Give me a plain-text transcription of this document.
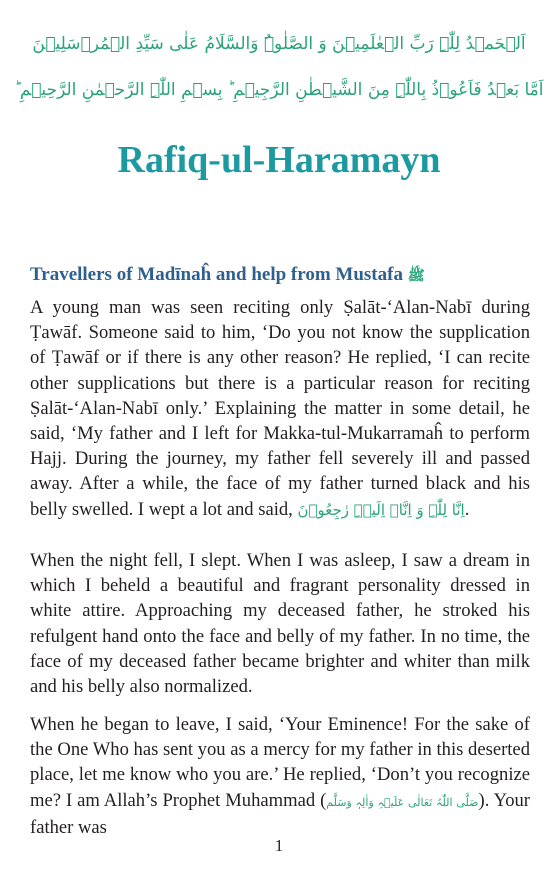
اَلۡحَمۡدُ لِلّٰہِ رَبِّ الۡعٰلَمِیۡنَ وَ الصَّلٰوۃُ وَالسَّلَامُ عَلٰی سَیِّدِ الۡمُرۡسَلِیۡنَ
اَمَّا بَعۡدُ فَاَعُوۡذُ بِاللّٰہِ مِنَ الشَّیۡطٰنِ الرَّجِیۡمِ ؕ بِسۡمِ اللّٰہِ الرَّحۡمٰنِ الرَّحِیۡمِ ؕ
Rafiq-ul-Haramayn
Travellers of Madīnaĥ and help from Mustafa ﷺ

A young man was seen reciting only Ṣalāt-‘Alan-Nabī during Ṭawāf. Someone said to him, ‘Do you not know the supplication of Ṭawāf or if there is any other reason? He replied, ‘I can recite other supplications but there is a particular reason for reciting Ṣalāt-‘Alan-Nabī only.’ Explaining the matter in some detail, he said, ‘My father and I left for Makka-tul-Mukarramaĥ to perform Hajj. During the journey, my father fell severely ill and passed away. After a while, the face of my father turned black and his belly swelled. I wept a lot and said, اِنَّا لِلّٰہِ وَ اِنَّاۤ اِلَیۡہِ رٰجِعُوۡنَ.

When the night fell, I slept. When I was asleep, I saw a dream in which I beheld a beautiful and fragrant personality dressed in white attire. Approaching my deceased father, he stroked his refulgent hand onto the face and belly of my father. In no time, the face of my deceased father became brighter and whiter than milk and his belly also normalized.

When he began to leave, I said, ‘Your Eminence! For the sake of the One Who has sent you as a mercy for my father in this deserted place, let me know who you are.’ He replied, ‘Don’t you recognize me? I am Allah’s Prophet Muhammad (صَلَّی اللّٰہُ تَعَالٰی عَلَیۡہِ وَاٰلِہٖ وَسَلَّم). Your father was

1
